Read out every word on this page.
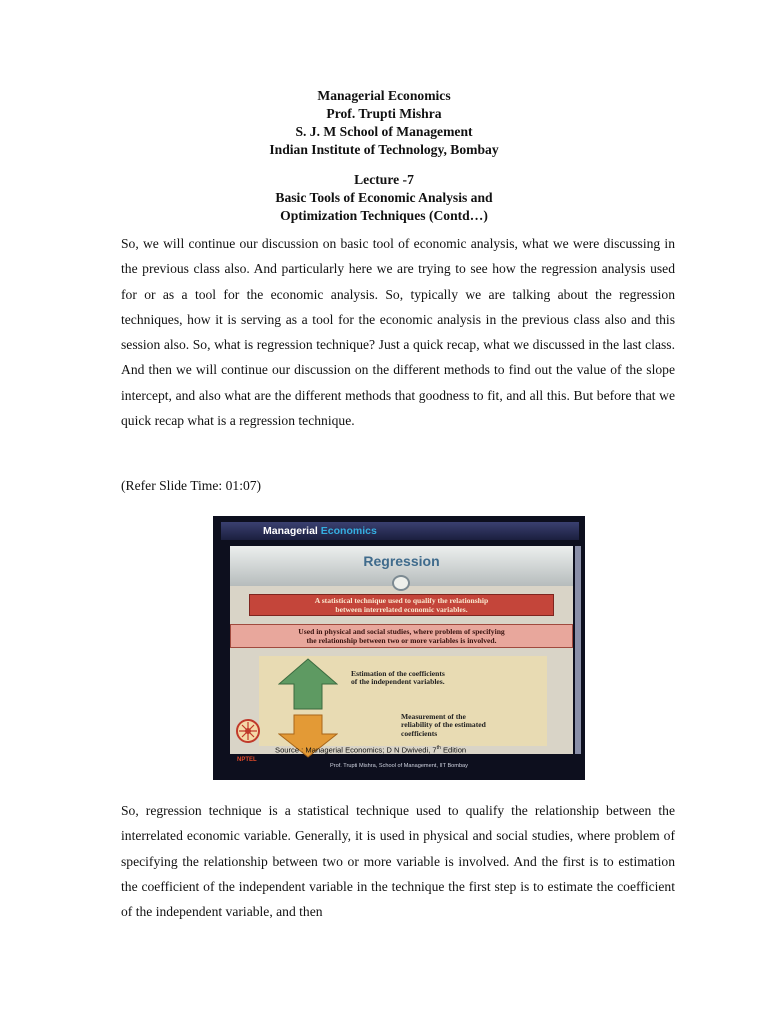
Managerial Economics
Prof. Trupti Mishra
S. J. M School of Management
Indian Institute of Technology, Bombay
Lecture -7
Basic Tools of Economic Analysis and
Optimization Techniques (Contd…)

So, we will continue our discussion on basic tool of economic analysis, what we were discussing in the previous class also. And particularly here we are trying to see how the regression analysis used for or as a tool for the economic analysis. So, typically we are talking about the regression techniques, how it is serving as a tool for the economic analysis in the previous class also and this session also. So, what is regression technique? Just a quick recap, what we discussed in the last class. And then we will continue our discussion on the different methods to find out the value of the slope intercept, and also what are the different methods that goodness to fit, and all this. But before that we quick recap what is a regression technique.

(Refer Slide Time: 01:07)
Managerial Economics
Regression
A statistical technique used to qualify the relationship
between interrelated economic variables.
Used in physical and social studies, where problem of specifying
the relationship between two or more variables is involved.
Estimation of the coefficients
of the independent variables.
Measurement of the
reliability of the estimated
coefficients
Source : Managerial Economics; D N Dwivedi, 7th Edition
NPTEL
Prof. Trupti Mishra, School of Management, IIT Bombay

So, regression technique is a statistical technique used to qualify the relationship between the interrelated economic variable. Generally, it is used in physical and social studies, where problem of specifying the relationship between two or more variable is involved. And the first is to estimation the coefficient of the independent variable in the technique the first step is to estimate the coefficient of the independent variable, and then
